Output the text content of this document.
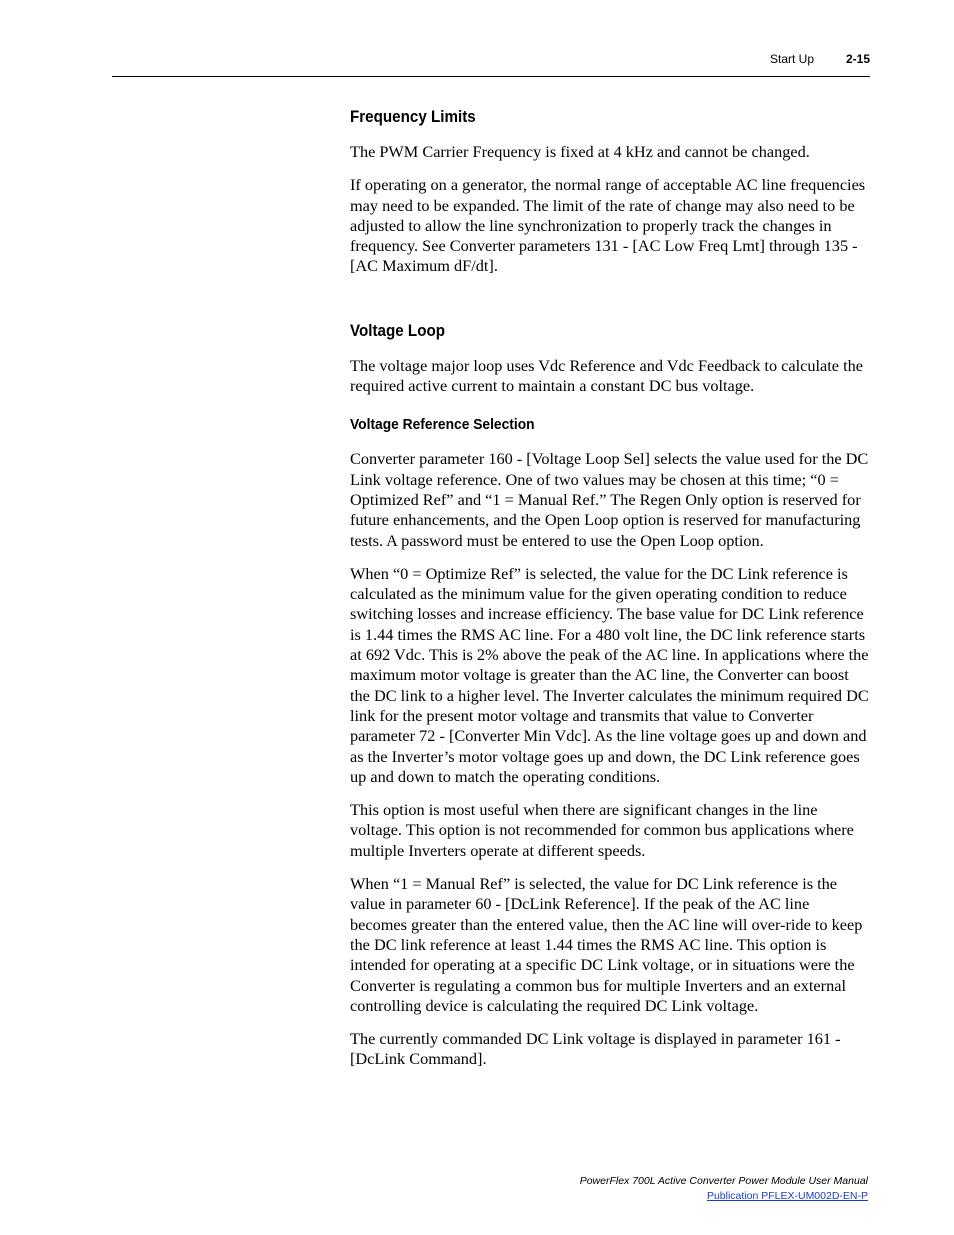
Start Up	2-15
Frequency Limits

The PWM Carrier Frequency is fixed at 4 kHz and cannot be changed.

If operating on a generator, the normal range of acceptable AC line frequencies may need to be expanded. The limit of the rate of change may also need to be adjusted to allow the line synchronization to properly track the changes in frequency. See Converter parameters 131 - [AC Low Freq Lmt] through 135 - [AC Maximum dF/dt].

Voltage Loop

The voltage major loop uses Vdc Reference and Vdc Feedback to calculate the required active current to maintain a constant DC bus voltage.

Voltage Reference Selection

Converter parameter 160 - [Voltage Loop Sel] selects the value used for the DC Link voltage reference. One of two values may be chosen at this time; “0 = Optimized Ref” and “1 = Manual Ref.” The Regen Only option is reserved for future enhancements, and the Open Loop option is reserved for manufacturing tests. A password must be entered to use the Open Loop option.

When “0 = Optimize Ref” is selected, the value for the DC Link reference is calculated as the minimum value for the given operating condition to reduce switching losses and increase efficiency. The base value for DC Link reference is 1.44 times the RMS AC line. For a 480 volt line, the DC link reference starts at 692 Vdc. This is 2% above the peak of the AC line. In applications where the maximum motor voltage is greater than the AC line, the Converter can boost the DC link to a higher level. The Inverter calculates the minimum required DC link for the present motor voltage and transmits that value to Converter parameter 72 - [Converter Min Vdc]. As the line voltage goes up and down and as the Inverter’s motor voltage goes up and down, the DC Link reference goes up and down to match the operating conditions.

This option is most useful when there are significant changes in the line voltage. This option is not recommended for common bus applications where multiple Inverters operate at different speeds.

When “1 = Manual Ref” is selected, the value for DC Link reference is the value in parameter 60 - [DcLink Reference]. If the peak of the AC line becomes greater than the entered value, then the AC line will over-ride to keep the DC link reference at least 1.44 times the RMS AC line. This option is intended for operating at a specific DC Link voltage, or in situations were the Converter is regulating a common bus for multiple Inverters and an external controlling device is calculating the required DC Link voltage.

The currently commanded DC Link voltage is displayed in parameter 161 - [DcLink Command].

PowerFlex 700L Active Converter Power Module User Manual
Publication PFLEX-UM002D-EN-P
